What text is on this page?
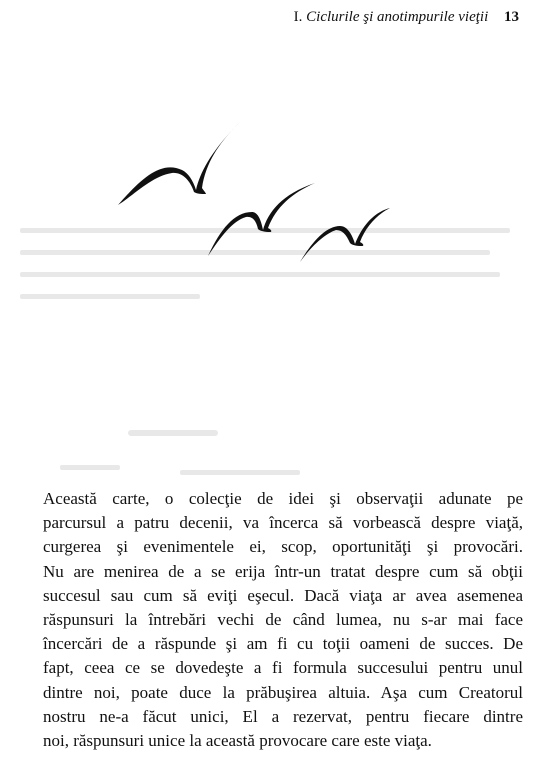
I. Ciclurile şi anotimpurile vieţii 13
Această carte, o colecţie de idei şi observaţii adunate pe
parcursul a patru decenii, va încerca să vorbească despre viaţă,
curgerea şi evenimentele ei, scop, oportunităţi şi provocări.
Nu are menirea de a se erija într-un tratat despre cum să obţii
succesul sau cum să eviţi eşecul. Dacă viaţa ar avea asemenea
răspunsuri la întrebări vechi de când lumea, nu s-ar mai face
încercări de a răspunde şi am fi cu toţii oameni de succes. De
fapt, ceea ce se dovedeşte a fi formula succesului pentru unul
dintre noi, poate duce la prăbuşirea altuia. Aşa cum Creatorul
nostru ne-a făcut unici, El a rezervat, pentru fiecare dintre
noi, răspunsuri unice la această provocare care este viaţa.
